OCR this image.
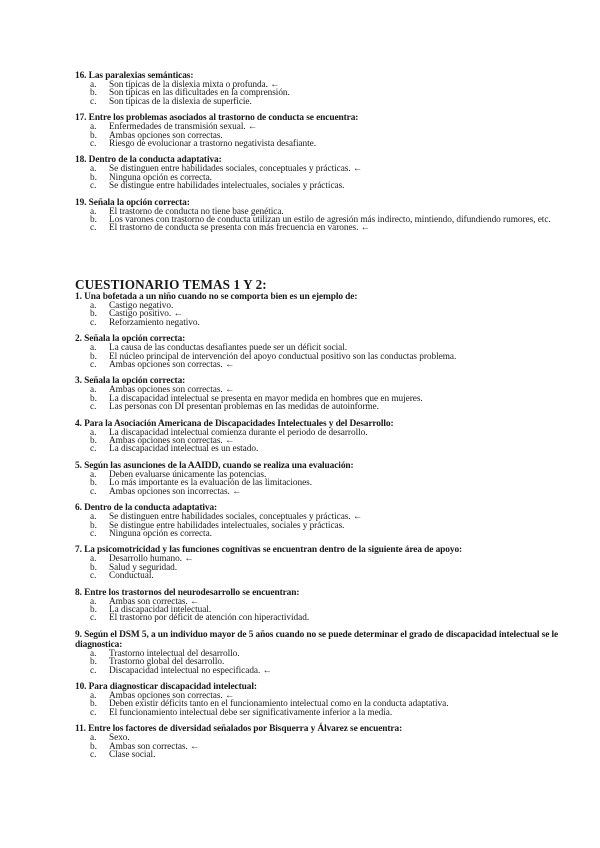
16. Las paralexias semánticas:
a. Son típicas de la dislexia mixta o profunda. ←
b. Son típicas en las dificultades en la comprensión.
c. Son típicas de la dislexia de superficie.
17. Entre los problemas asociados al trastorno de conducta se encuentra:
a. Enfermedades de transmisión sexual. ←
b. Ambas opciones son correctas.
c. Riesgo de evolucionar a trastorno negativista desafiante.
18. Dentro de la conducta adaptativa:
a. Se distinguen entre habilidades sociales, conceptuales y prácticas. ←
b. Ninguna opción es correcta.
c. Se distingue entre habilidades intelectuales, sociales y prácticas.
19. Señala la opción correcta:
a. El trastorno de conducta no tiene base genética.
b. Los varones con trastorno de conducta utilizan un estilo de agresión más indirecto, mintiendo, difundiendo rumores, etc.
c. El trastorno de conducta se presenta con más frecuencia en varones. ←
CUESTIONARIO TEMAS 1 Y 2:
1. Una bofetada a un niño cuando no se comporta bien es un ejemplo de:
a. Castigo negativo.
b. Castigo positivo. ←
c. Reforzamiento negativo.
2. Señala la opción correcta:
a. La causa de las conductas desafiantes puede ser un déficit social.
b. El núcleo principal de intervención del apoyo conductual positivo son las conductas problema.
c. Ambas opciones son correctas. ←
3. Señala la opción correcta:
a. Ambas opciones son correctas. ←
b. La discapacidad intelectual se presenta en mayor medida en hombres que en mujeres.
c. Las personas con DI presentan problemas en las medidas de autoinforme.
4. Para la Asociación Americana de Discapacidades Intelectuales y del Desarrollo:
a. La discapacidad intelectual comienza durante el periodo de desarrollo.
b. Ambas opciones son correctas. ←
c. La discapacidad intelectual es un estado.
5. Según las asunciones de la AAIDD, cuando se realiza una evaluación:
a. Deben evaluarse únicamente las potencias.
b. Lo más importante es la evaluación de las limitaciones.
c. Ambas opciones son incorrectas. ←
6. Dentro de la conducta adaptativa:
a. Se distinguen entre habilidades sociales, conceptuales y prácticas. ←
b. Se distingue entre habilidades intelectuales, sociales y prácticas.
c. Ninguna opción es correcta.
7. La psicomotricidad y las funciones cognitivas se encuentran dentro de la siguiente área de apoyo:
a. Desarrollo humano. ←
b. Salud y seguridad.
c. Conductual.
8. Entre los trastornos del neurodesarrollo se encuentran:
a. Ambas son correctas. ←
b. La discapacidad intelectual.
c. El trastorno por déficit de atención con hiperactividad.
9. Según el DSM 5, a un individuo mayor de 5 años cuando no se puede determinar el grado de discapacidad intelectual se le diagnostica:
a. Trastorno intelectual del desarrollo.
b. Trastorno global del desarrollo.
c. Discapacidad intelectual no especificada. ←
10. Para diagnosticar discapacidad intelectual:
a. Ambas opciones son correctas. ←
b. Deben existir déficits tanto en el funcionamiento intelectual como en la conducta adaptativa.
c. El funcionamiento intelectual debe ser significativamente inferior a la media.
11. Entre los factores de diversidad señalados por Bisquerra y Álvarez se encuentra:
a. Sexo.
b. Ambas son correctas. ←
c. Clase social.
